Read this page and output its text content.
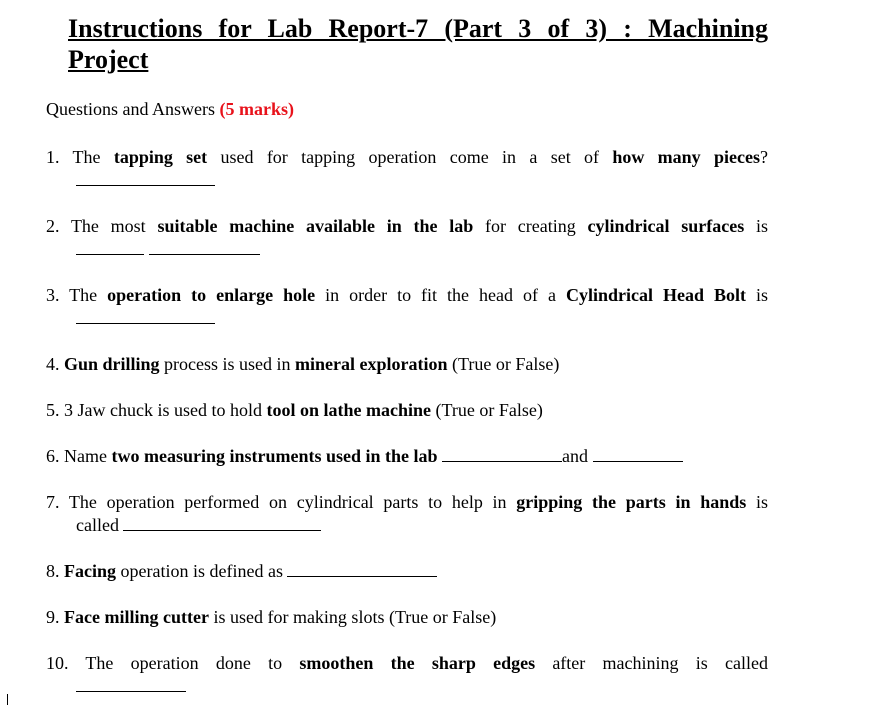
Instructions for Lab Report-7 (Part 3 of 3) : Machining
Project
Questions and Answers (5 marks)
1. The tapping set used for tapping operation come in a set of how many pieces?
2. The most suitable machine available in the lab for creating cylindrical surfaces is

3. The operation to enlarge hole in order to fit the head of a Cylindrical Head Bolt is
4. Gun drilling process is used in mineral exploration (True or False)
5. 3 Jaw chuck is used to hold tool on lathe machine (True or False)
6. Name two measuring instruments used in the lab	and
7. The operation performed on cylindrical parts to help in gripping the parts in hands is
called
8. Facing operation is defined as
9. Face milling cutter is used for making slots (True or False)
10. The operation done to smoothen the sharp edges after machining is called
